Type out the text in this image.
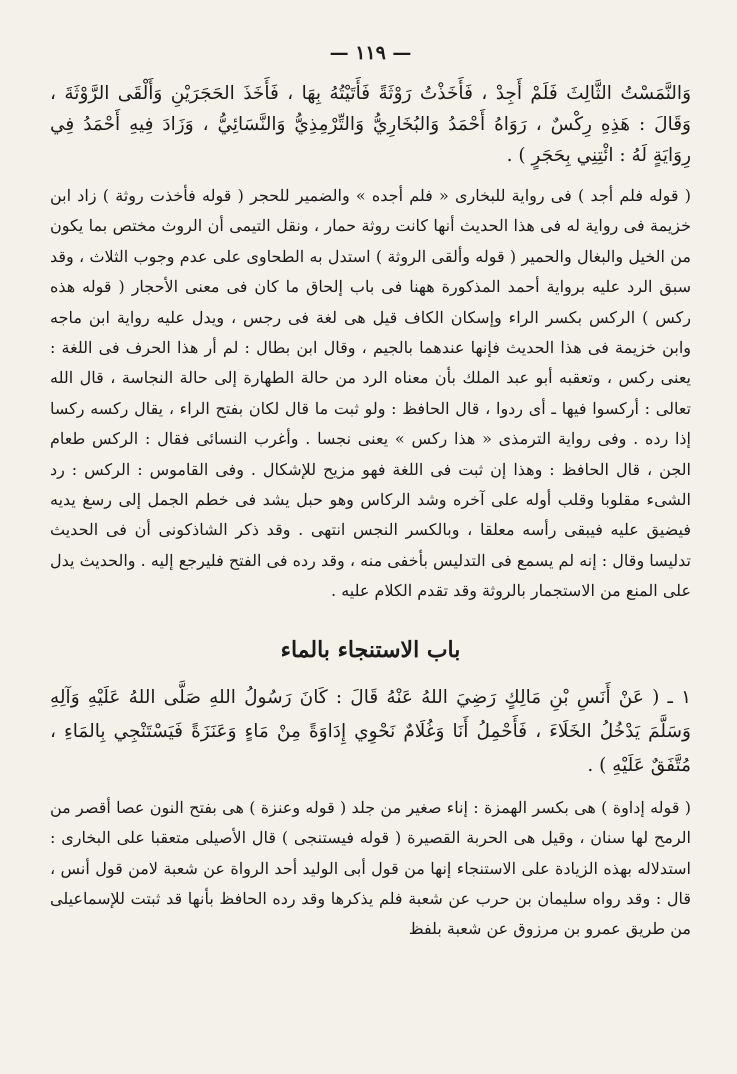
— ١١٩ —

وَالنَّمَسْتُ الثَّالِثَ فَلَمْ أَجِدْ ، فَأَخَذْتُ رَوْثَةً فَأَتَيْتُهُ بِهَا ، فَأَخَذَ الحَجَرَيْنِ وَأَلْقَى الرَّوْثَةَ ، وَقَالَ : هَذِهِ رِكْسٌ ، رَوَاهُ أَحْمَدُ وَالبُخَارِيُّ وَالتِّرْمِذِيُّ وَالنَّسَائِيُّ ، وَزَادَ فِيهِ أَحْمَدُ فِي رِوَايَةٍ لَهُ : ائْتِنِي بِحَجَرٍ ) .

( قوله فلم أجد ) فى رواية للبخارى « فلم أجده » والضمير للحجر ( قوله فأخذت روثة ) زاد ابن خزيمة فى رواية له فى هذا الحديث أنها كانت روثة حمار ، ونقل التيمى أن الروث مختص بما يكون من الخيل والبغال والحمير ( قوله وألقى الروثة ) استدل به الطحاوى على عدم وجوب الثلاث ، وقد سبق الرد عليه برواية أحمد المذكورة ههنا فى باب إلحاق ما كان فى معنى الأحجار ( قوله هذه ركس ) الركس بكسر الراء وإسكان الكاف قيل هى لغة فى رجس ، ويدل عليه رواية ابن ماجه وابن خزيمة فى هذا الحديث فإنها عندهما بالجيم ، وقال ابن بطال : لم أر هذا الحرف فى اللغة : يعنى ركس ، وتعقبه أبو عبد الملك بأن معناه الرد من حالة الطهارة إلى حالة النجاسة ، قال الله تعالى : أركسوا فيها ـ أى ردوا ، قال الحافظ : ولو ثبت ما قال لكان بفتح الراء ، يقال ركسه ركسا إذا رده . وفى رواية الترمذى « هذا ركس » يعنى نجسا . وأغرب النسائى فقال : الركس طعام الجن ، قال الحافظ : وهذا إن ثبت فى اللغة فهو مزيح للإشكال . وفى القاموس : الركس : رد الشىء مقلوبا وقلب أوله على آخره وشد الركاس وهو حبل يشد فى خطم الجمل إلى رسغ يديه فيضيق عليه فيبقى رأسه معلقا ، وبالكسر النجس انتهى . وقد ذكر الشاذكونى أن فى الحديث تدليسا وقال : إنه لم يسمع فى التدليس بأخفى منه ، وقد رده فى الفتح فليرجع إليه . والحديث يدل على المنع من الاستجمار بالروثة وقد تقدم الكلام عليه .

باب الاستنجاء بالماء

١ ـ ( عَنْ أَنَسِ بْنِ مَالِكٍ رَضِيَ اللهُ عَنْهُ قَالَ : كَانَ رَسُولُ اللهِ صَلَّى اللهُ عَلَيْهِ وَآلِهِ وَسَلَّمَ يَدْخُلُ الخَلَاءَ ، فَأَحْمِلُ أَنَا وَغُلَامٌ نَحْوِي إِدَاوَةً مِنْ مَاءٍ وَعَنَزَةً فَيَسْتَنْجِي بِالمَاءِ ، مُتَّفَقٌ عَلَيْهِ ) .

( قوله إداوة ) هى بكسر الهمزة : إناء صغير من جلد ( قوله وعنزة ) هى بفتح النون عصا أقصر من الرمح لها سنان ، وقيل هى الحربة القصيرة ( قوله فيستنجى ) قال الأصيلى متعقبا على البخارى : استدلاله بهذه الزيادة على الاستنجاء إنها من قول أبى الوليد أحد الرواة عن شعبة لامن قول أنس ، قال : وقد رواه سليمان بن حرب عن شعبة فلم يذكرها وقد رده الحافظ بأنها قد ثبتت للإسماعيلى من طريق عمرو بن مرزوق عن شعبة بلفظ
